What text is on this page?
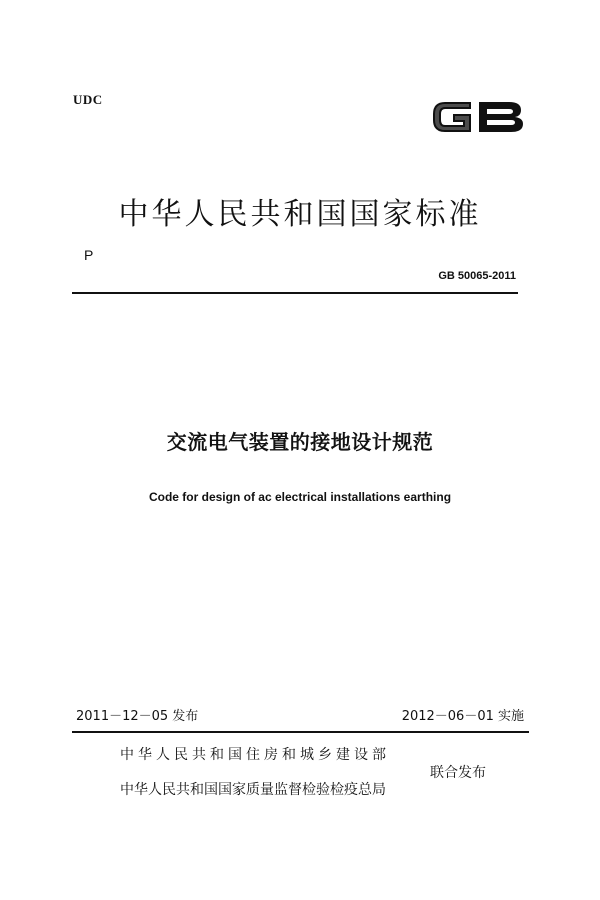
UDC
中华人民共和国国家标准
P
GB 50065-2011
交流电气装置的接地设计规范
Code for design of ac electrical installations earthing
2011－12－05 发布	2012－06－01 实施
中华人民共和国住房和城乡建设部
中华人民共和国国家质量监督检验检疫总局
联合发布
